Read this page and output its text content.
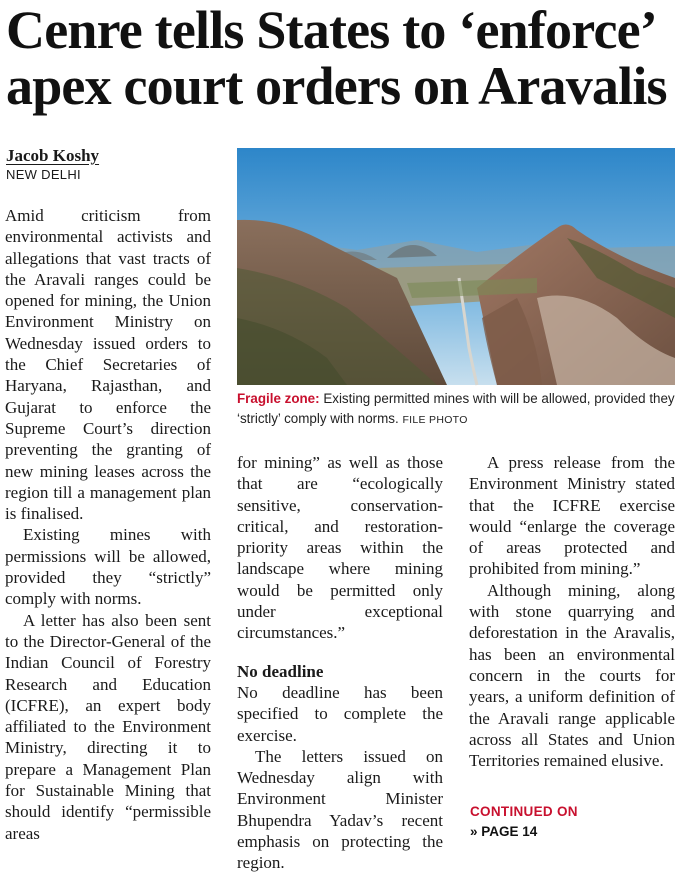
Cenre tells States to ‘enforce’ apex court orders on Aravalis
Jacob Koshy
NEW DELHI

Amid criticism from environmental activists and allegations that vast tracts of the Aravali ranges could be opened for mining, the Union Environment Ministry on Wednesday issued orders to the Chief Secretaries of Haryana, Rajasthan, and Gujarat to enforce the Supreme Court’s direction preventing the granting of new mining leases across the region till a management plan is finalised.

Existing mines with permissions will be allowed, provided they “strictly” comply with norms.

A letter has also been sent to the Director-General of the Indian Council of Forestry Research and Education (ICFRE), an expert body affiliated to the Environment Ministry, directing it to prepare a Management Plan for Sustainable Mining that should identify “permissible areas

Fragile zone: Existing permitted mines with will be allowed, provided they ‘strictly’ comply with norms. FILE PHOTO

for mining” as well as those that are “ecologically sensitive, conservation-critical, and restoration-priority areas within the landscape where mining would be permitted only under exceptional circumstances.”

No deadline

No deadline has been specified to complete the exercise.

The letters issued on Wednesday align with Environment Minister Bhupendra Yadav’s recent emphasis on protecting the region.

A press release from the Environment Ministry stated that the ICFRE exercise would “enlarge the coverage of areas protected and prohibited from mining.”

Although mining, along with stone quarrying and deforestation in the Aravalis, has been an environmental concern in the courts for years, a uniform definition of the Aravali range applicable across all States and Union Territories remained elusive.

CONTINUED ON
» PAGE 14
